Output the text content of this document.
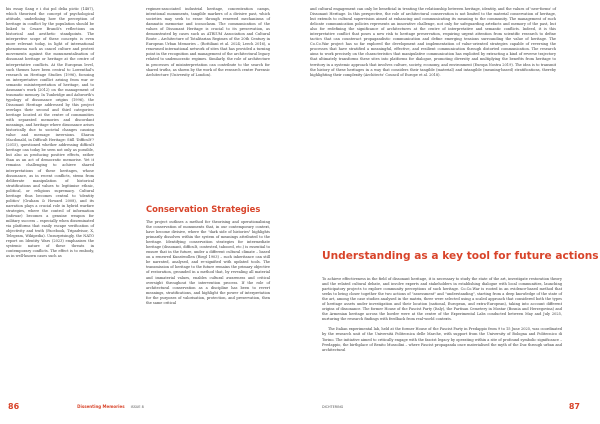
his essay Sang e i dui pol delia pictic (1487), which theorised the concept of psychological attitude, underlining how the perception of heritage in conflict by the population should be linked to Cesare Brandi's reflections on historical and aesthetic standpoints. The interpretive scope of these concepts is even more relevant today, in light of international phenomena such as cancel culture and protest movements against the monumentalisation of dissonant heritage or heritage at the centre of interpretative conflicts. At the European level, such themes have been central to Lowenthal's research on Heritage Studies (1996), focusing on interpretative conflict arising from war or semantic misinterpretation of heritage, and to Assmann's work (2012) on the management of traumatic memory. In Tunbridge and Ashworth's typology of dissonance origins (1996), the Dissonant Heritage addressed by this project overlaps their second and third categories: heritage located at the centre of communities with separated memories and discordant meanings, and heritage where dissonance arises historically due to societal changes causing value and message inversions. Sharon Macdonald, in Difficult Heritage: Still 'Difficult'? (2015), questioned whether addressing difficult heritage can today be seen not only as possible, but also as producing positive effects, rather than as an act of democratic memorise. Yet it remains challenging to achieve shared interpretations of these heritages, whose dissonance, as in recent conflicts, stems from deliberate manipulation of historical stratifications and values to legitimise ethnic, political, or religious supremacy. Cultural heritage thus becomes central to 'identity politics' (Graham & Howard 2008), and its narration plays a crucial role in hybrid warfare strategies, where the control of information (infowar) becomes a genuine weapon for military success – especially when disseminated via platforms that easily escape verification of objectivity and truth (Facebook, Tripadvisor, X, Telegram, Wikipedia). Unsurprisingly, the NATO report on Identity Wars (2023) emphasises the systemic nature of these threats in contemporary conflicts. The effect is to embody, as in well-known cases such as

regimes-associated industrial heritage, concentration camps, intentional monuments, tangible markers of a divisive past, which societies may seek to erase through renewed mechanisms of damnatio memoriae and iconoclasm. The communication of the values of Dissonant Heritage is crucial to its preservation, as demonstrated by cases such as ATRIUM Association and Cultural Route – Architecture of Totalitarian Regimes of the 20th Century in European Urban Memories – (Bottiliani et al. 2024; Leech 2016), a renowned international network of sites that has provided a turning point in the recognition and management of the architectural legacy related to undemocratic regimes. Similarly, the role of architecture in processes of misinterpretation can contribute to the search for shared truths, as shown by the work of the research centre Forensic Architecture (University of London).

Conservation Strategies

The project outlines a method for theorising and operationalising the conservation of monuments that, in our contemporary context, have become divisive, where the "dark side of histories" highlights primarily dissolves within the system of meanings attributed to the heritage. Identifying conservation strategies for intermediate heritage (dissonant, difficult, contested, tabooed, etc.) is essential to ensure that in the future, under a different cultural climate – based on a renewed Kunstwollen (Riegl 1903) – such inheritance can still be narrated, analysed, and re-signified with updated tools. The transmission of heritage to the future remains the primary objective of restoration, grounded in a method that, by revealing all material and immaterial values, enables cultural awareness and critical oversight throughout the intervention process. If the role of architectural conservation as a discipline has been to revert meanings, stratifications, and highlight the power of interpretation for the purposes of valorisation, protection, and preservation, then the same critical

and cultural engagement can only be beneficial in treating the relationship between heritage, identity, and the values of 'new-forms' of Dissonant Heritage. In this perspective, the role of architectural conservation is not limited to the material conservation of heritage, but extends to cultural supervision aimed at enhancing and communicating its meaning to the community. The management of such delicate communication policies represents an innovative challenge, not only for safeguarding artefacts and memory of the past, but also for redefining the significance of architectures at the centre of interpretative and semantic conflicts. Indeed, it is this interpretative conflict that poses a new risk to heritage preservation, requiring urgent attention from scientific research to define tactics that can counteract propagandistic communication and define emerging tensions surrounding the value of heritage. The Co.Co.War project has so far explored the development and implementation of value-oriented strategies capable of reversing the processes that have stratified a meaningful, effective, and resilient communication through distorted communication. The research aims to work precisely on the characteristics that manipulative communication has exploited by extracting a kind of reverse trajectory that ultimately transforms these sites into platforms for dialogue, promoting diversity and multiplying the benefits from heritage to territory in a systemic approach that involves culture, society, economy, and environment (Europa Nostra 2019). The idea is to transmit the history of these heritages in a way that considers their tangible (material) and intangible (meaning-based) stratifications, thereby highlighting their complexity (Architects' Council of Europe et al. 2018).

Understanding as a key tool for future actions

To achieve effectiveness in the field of dissonant heritage, it is necessary to study the state of the art, investigate restoration theory and the related cultural debate, and involve experts and stakeholders in establishing dialogue with local communities, launching participatory projects to explore community perceptions of such heritage. Co.Co.War is rooted in an evidence-based method that seeks to bring closer together the two actions of "assessment" and "understanding", starting from a deep knowledge of the state of the art, among the case studies analysed in the matrix, three were selected using a scaled approach that considered both the types of heritage assets under investigation and their location (national, European, and extra-European), taking into account different origins of dissonance. The former House of the Fascist Party (Italy), the Partisan Cemetery in Mostar (Bosnia and Herzegovina) and the Armenian heritage across the border were at the centre of the Experimental Labs conducted between May and July 2025, nurturing the research findings with feedback from real-world contexts.

The Italian experimental lab, held at the former House of the Fascist Party in Predappio from 9 to 15 June 2025, was coordinated by the research unit of the Università Politecnica delle Marche, with support from the University of Bologna and Politecnico di Torino. The initiative aimed to critically engage with the fascist legacy by operating within a site of profound symbolic significance – Predappio, the birthplace of Benito Mussolini – where Fascist propaganda once materialised the myth of the Duz through urban and architectural

86	Dissenting Memories ISSUE 8	DICHTERING	87
